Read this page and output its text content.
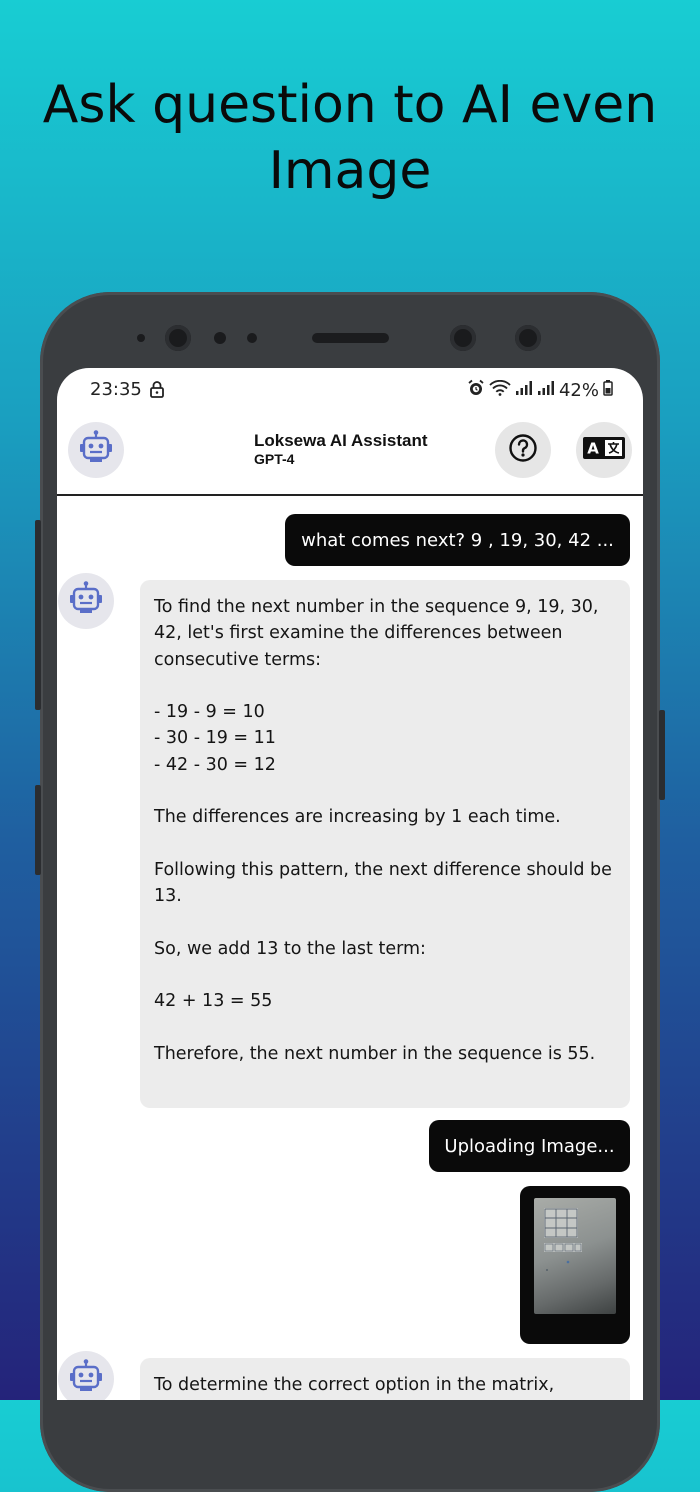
Ask question to AI even
Image
23:35	42%
Loksewa AI Assistant
GPT-4
A
what comes next? 9 , 19, 30, 42 ...
To find the next number in the sequence 9, 19, 30, 42, let's first examine the differences between consecutive terms:

- 19 - 9 = 10
- 30 - 19 = 11
- 42 - 30 = 12

The differences are increasing by 1 each time.

Following this pattern, the next difference should be 13.

So, we add 13 to the last term:

42 + 13 = 55

Therefore, the next number in the sequence is 55.
Uploading Image...
To determine the correct option in the matrix,
